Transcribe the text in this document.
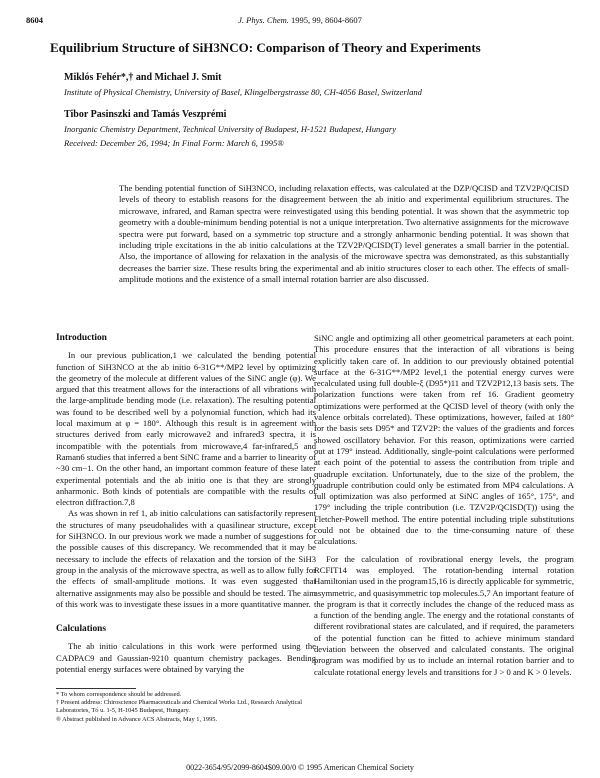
8604	J. Phys. Chem. 1995, 99, 8604-8607
Equilibrium Structure of SiH3NCO: Comparison of Theory and Experiments
Miklós Fehér*,† and Michael J. Smit
Institute of Physical Chemistry, University of Basel, Klingelbergstrasse 80, CH-4056 Basel, Switzerland
Tibor Pasinszki and Tamás Veszprémi
Inorganic Chemistry Department, Technical University of Budapest, H-1521 Budapest, Hungary
Received: December 26, 1994; In Final Form: March 6, 1995®
The bending potential function of SiH3NCO, including relaxation effects, was calculated at the DZP/QCISD and TZV2P/QCISD levels of theory to establish reasons for the disagreement between the ab initio and experimental equilibrium structures. The microwave, infrared, and Raman spectra were reinvestigated using this bending potential. It was shown that the asymmetric top geometry with a double-minimum bending potential is not a unique interpretation. Two alternative assignments for the microwave spectra were put forward, based on a symmetric top structure and a strongly anharmonic bending potential. It was shown that including triple excitations in the ab initio calculations at the TZV2P/QCISD(T) level generates a small barrier in the potential. Also, the importance of allowing for relaxation in the analysis of the microwave spectra was demonstrated, as this substantially decreases the barrier size. These results bring the experimental and ab initio structures closer to each other. The effects of small-amplitude motions and the existence of a small internal rotation barrier are also discussed.
Introduction

In our previous publication,1 we calculated the bending potential function of SiH3NCO at the ab initio 6-31G**/MP2 level by optimizing the geometry of the molecule at different values of the SiNC angle (φ). We argued that this treatment allows for the interactions of all vibrations with the large-amplitude bending mode (i.e. relaxation). The resulting potential was found to be described well by a polynomial function, which had its local maximum at φ = 180°. Although this result is in agreement with structures derived from early microwave2 and infrared3 spectra, it is incompatible with the potentials from microwave,4 far-infrared,5 and Raman6 studies that inferred a bent SiNC frame and a barrier to linearity of ~30 cm−1. On the other hand, an important common feature of these later experimental potentials and the ab initio one is that they are strongly anharmonic. Both kinds of potentials are compatible with the results of electron diffraction.7,8

As was shown in ref 1, ab initio calculations can satisfactorily represent the structures of many pseudohalides with a quasilinear structure, except for SiH3NCO. In our previous work we made a number of suggestions for the possible causes of this discrepancy. We recommended that it may be necessary to include the effects of relaxation and the torsion of the SiH3 group in the analysis of the microwave spectra, as well as to allow fully for the effects of small-amplitude motions. It was even suggested that alternative assignments may also be possible and should be tested. The aim of this work was to investigate these issues in a more quantitative manner.

Calculations

The ab initio calculations in this work were performed using the CADPAC9 and Gaussian-9210 quantum chemistry packages. Bending potential energy surfaces were obtained by varying the

SiNC angle and optimizing all other geometrical parameters at each point. This procedure ensures that the interaction of all vibrations is being explicitly taken care of. In addition to our previously obtained potential surface at the 6-31G**/MP2 level,1 the potential energy curves were recalculated using full double-ξ (D95*)11 and TZV2P12,13 basis sets. The polarization functions were taken from ref 16. Gradient geometry optimizations were performed at the QCISD level of theory (with only the valence orbitals correlated). These optimizations, however, failed at 180° for the basis sets D95* and TZV2P: the values of the gradients and forces showed oscillatory behavior. For this reason, optimizations were carried out at 179° instead. Additionally, single-point calculations were performed at each point of the potential to assess the contribution from triple and quadruple excitation. Unfortunately, due to the size of the problem, the quadruple contribution could only be estimated from MP4 calculations. A full optimization was also performed at SiNC angles of 165°, 175°, and 179° including the triple contribution (i.e. TZV2P/QCISD(T)) using the Fletcher-Powell method. The entire potential including triple substitutions could not be obtained due to the time-consuming nature of these calculations.

For the calculation of rovibrational energy levels, the program RCFIT14 was employed. The rotation-bending internal rotation Hamiltonian used in the program15,16 is directly applicable for symmetric, asymmetric, and quasisymmetric top molecules.5,7 An important feature of the program is that it correctly includes the change of the reduced mass as a function of the bending angle. The energy and the rotational constants of different rovibrational states are calculated, and if required, the parameters of the potential function can be fitted to achieve minimum standard deviation between the observed and calculated constants. The original program was modified by us to include an internal rotation barrier and to calculate rotational energy levels and transitions for J > 0 and K > 0 levels.

* To whom correspondence should be addressed.
† Present address: Chiroscience Pharmaceuticals and Chemical Works Ltd., Research Analytical Laboratories, Tó u. 1-5, H-1045 Budapest, Hungary.
® Abstract published in Advance ACS Abstracts, May 1, 1995.
0022-3654/95/2099-8604$09.00/0 © 1995 American Chemical Society
